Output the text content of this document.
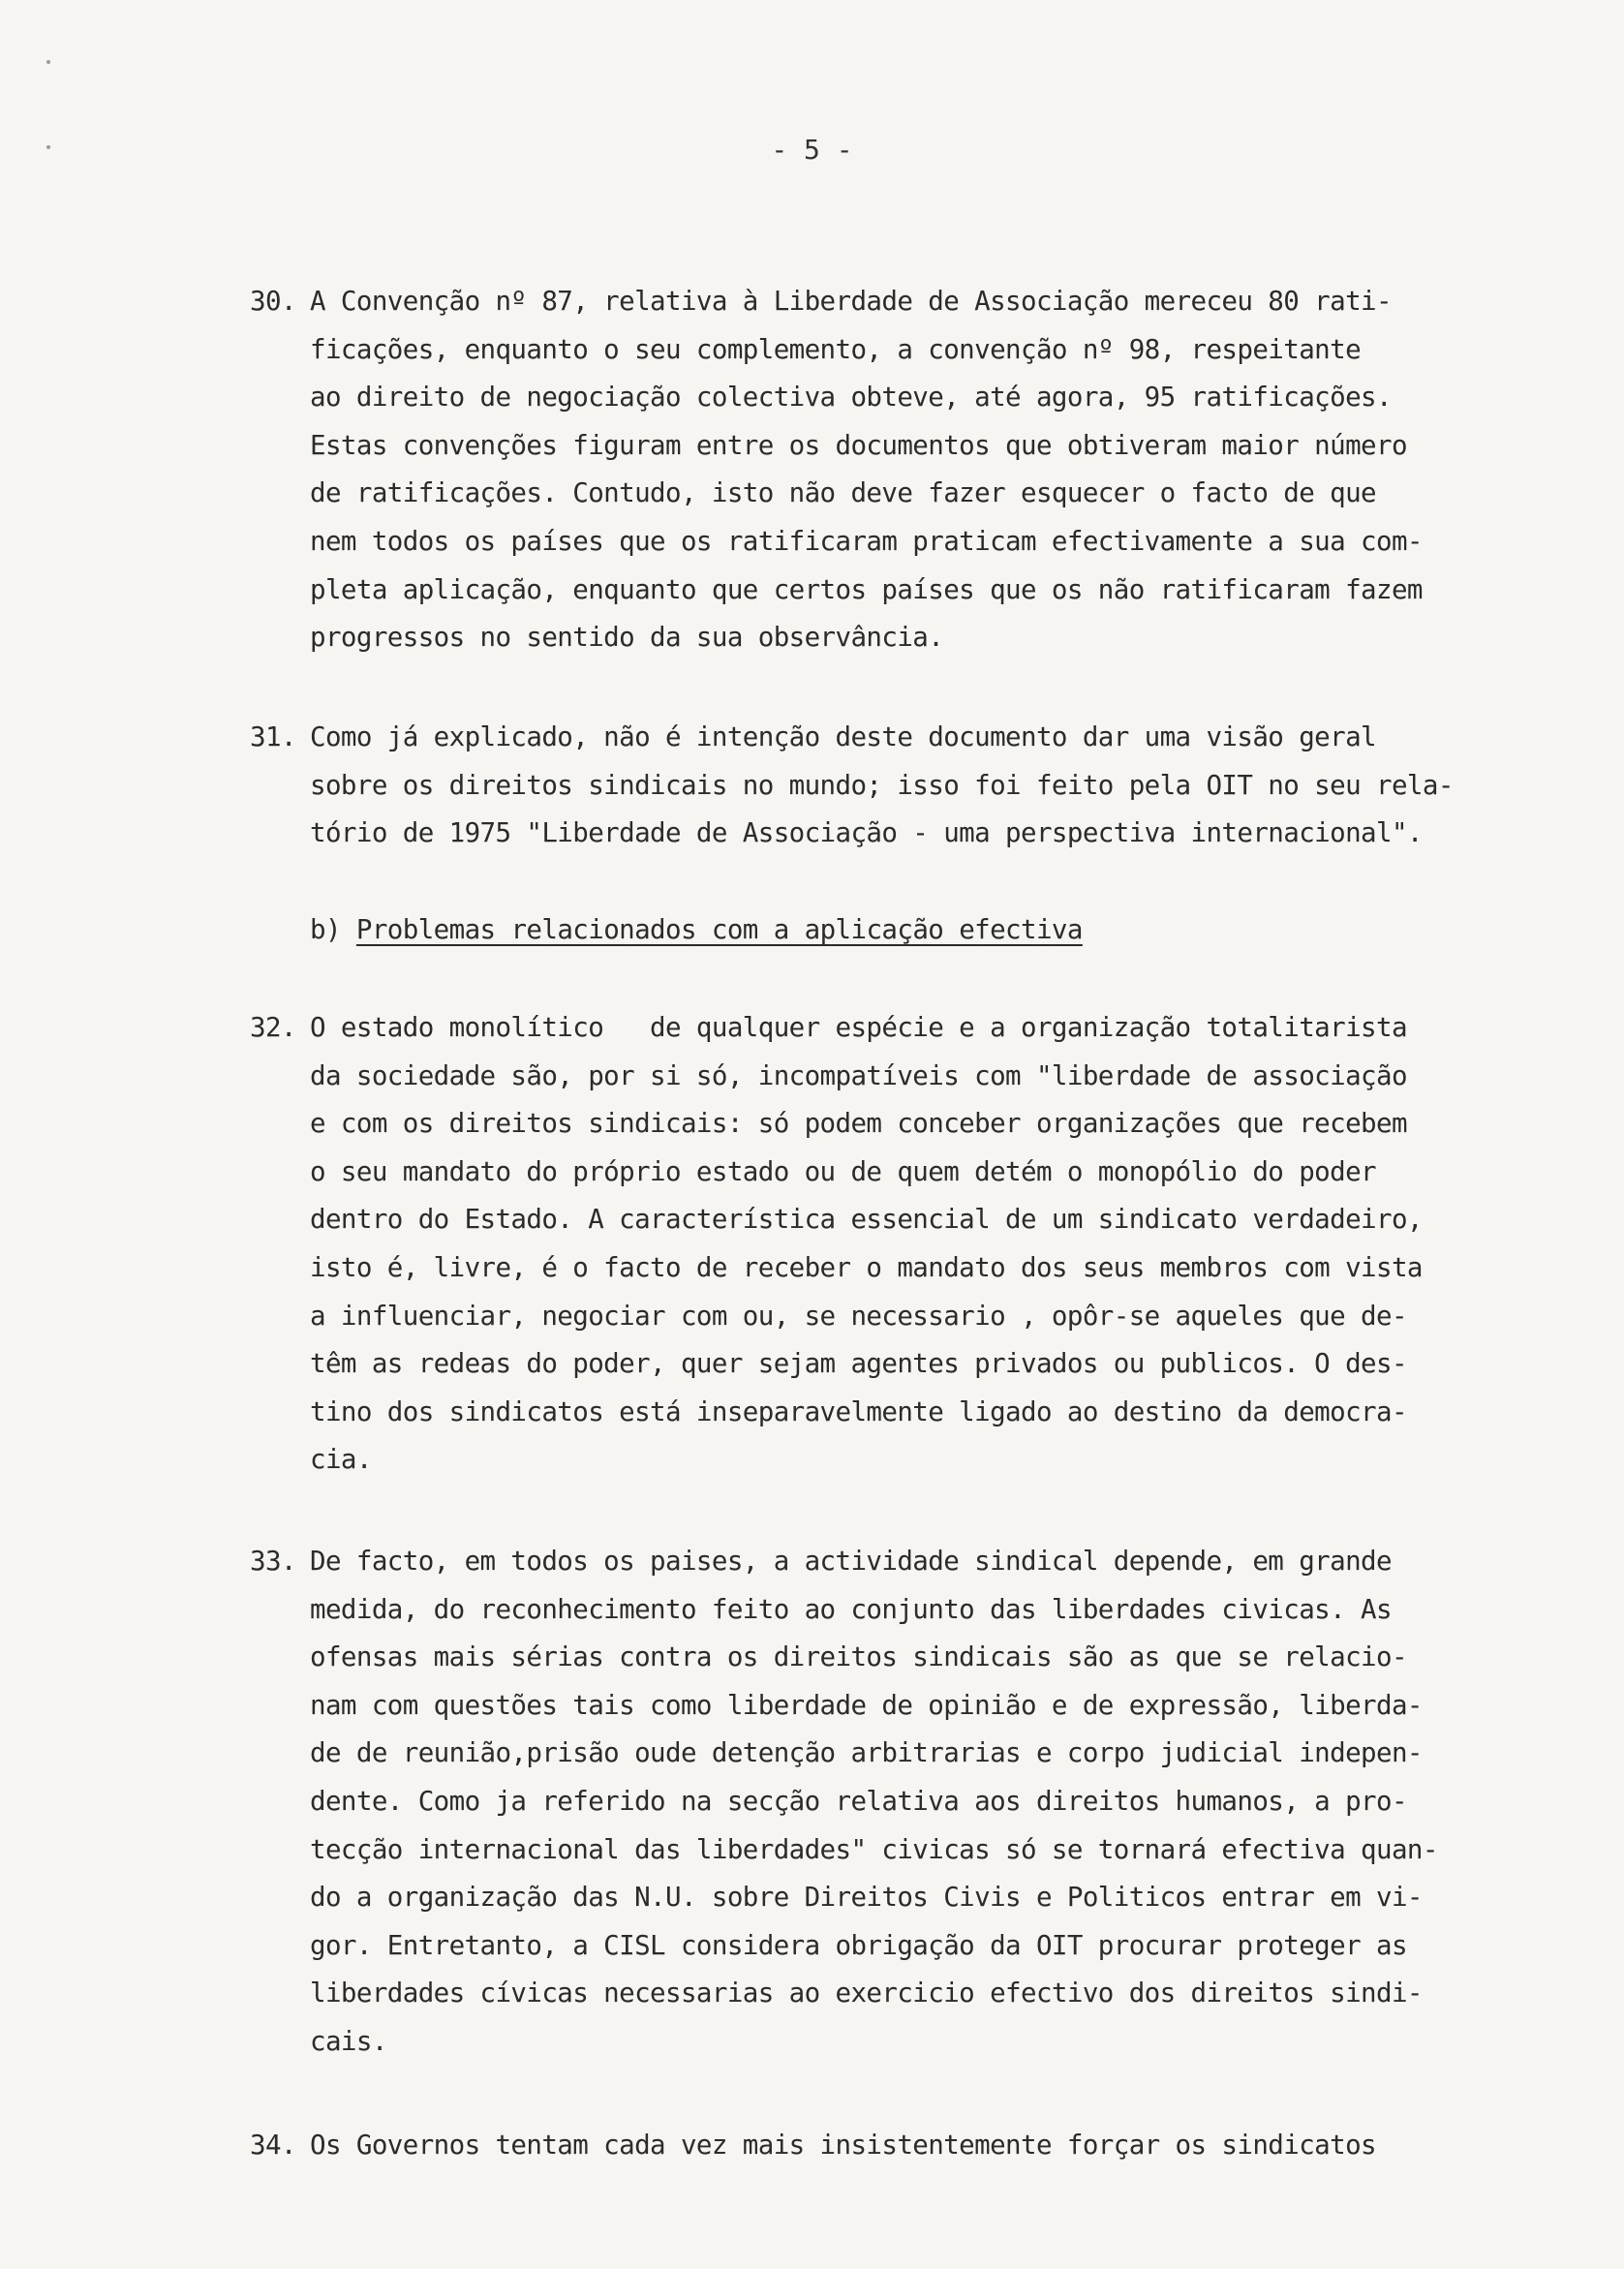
- 5 -
30. A Convenção nº 87, relativa à Liberdade de Associação mereceu 80 rati-
ficações, enquanto o seu complemento, a convenção nº 98, respeitante
ao direito de negociação colectiva obteve, até agora, 95 ratificações.
Estas convenções figuram entre os documentos que obtiveram maior número
de ratificações. Contudo, isto não deve fazer esquecer o facto de que
nem todos os países que os ratificaram praticam efectivamente a sua com-
pleta aplicação, enquanto que certos países que os não ratificaram fazem
progressos no sentido da sua observância.
31. Como já explicado, não é intenção deste documento dar uma visão geral
sobre os direitos sindicais no mundo; isso foi feito pela OIT no seu rela-
tório de 1975 "Liberdade de Associação - uma perspectiva internacional".
b) Problemas relacionados com a aplicação efectiva
32. O estado monolítico   de qualquer espécie e a organização totalitarista
da sociedade são, por si só, incompatíveis com "liberdade de associação
e com os direitos sindicais: só podem conceber organizações que recebem
o seu mandato do próprio estado ou de quem detém o monopólio do poder
dentro do Estado. A característica essencial de um sindicato verdadeiro,
isto é, livre, é o facto de receber o mandato dos seus membros com vista
a influenciar, negociar com ou, se necessario , opôr-se aqueles que de-
têm as redeas do poder, quer sejam agentes privados ou publicos. O des-
tino dos sindicatos está inseparavelmente ligado ao destino da democra-
cia.
33. De facto, em todos os paises, a actividade sindical depende, em grande
medida, do reconhecimento feito ao conjunto das liberdades civicas. As
ofensas mais sérias contra os direitos sindicais são as que se relacio-
nam com questões tais como liberdade de opinião e de expressão, liberda-
de de reunião,prisão oude detenção arbitrarias e corpo judicial indepen-
dente. Como ja referido na secção relativa aos direitos humanos, a pro-
tecção internacional das liberdades" civicas só se tornará efectiva quan-
do a organização das N.U. sobre Direitos Civis e Politicos entrar em vi-
gor. Entretanto, a CISL considera obrigação da OIT procurar proteger as
liberdades cívicas necessarias ao exercicio efectivo dos direitos sindi-
cais.
34. Os Governos tentam cada vez mais insistentemente forçar os sindicatos
